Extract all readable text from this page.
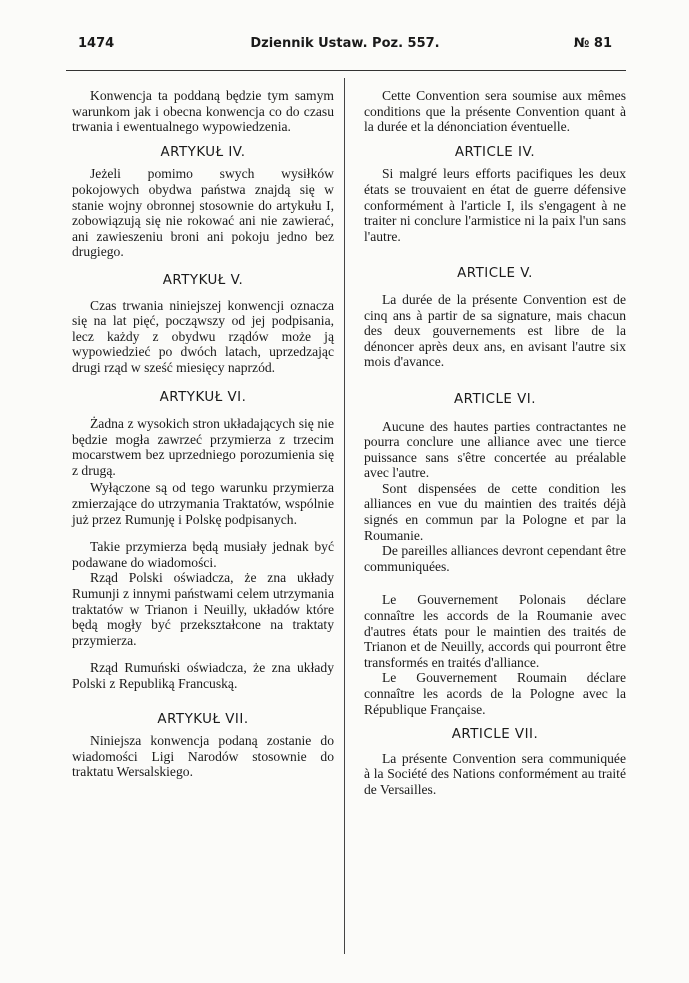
1474	Dziennik Ustaw. Poz. 557.	№ 81

Konwencja ta poddaną będzie tym samym warunkom jak i obecna konwencja co do czasu trwania i ewentualnego wypowiedzenia.

ARTYKUŁ IV.

Jeżeli pomimo swych wysiłków pokojowych obydwa państwa znajdą się w stanie wojny obronnej stosownie do artykułu I, zobowiązują się nie rokować ani nie zawierać, ani zawieszeniu broni ani pokoju jedno bez drugiego.

ARTYKUŁ V.

Czas trwania niniejszej konwencji oznacza się na lat pięć, począwszy od jej podpisania, lecz każdy z obydwu rządów może ją wypowiedzieć po dwóch latach, uprzedzając drugi rząd w sześć miesięcy naprzód.

ARTYKUŁ VI.

Żadna z wysokich stron układających się nie będzie mogła zawrzeć przymierza z trzecim mocarstwem bez uprzedniego porozumienia się z drugą.

Wyłączone są od tego warunku przymierza zmierzające do utrzymania Traktatów, wspólnie już przez Rumunję i Polskę podpisanych.

Takie przymierza będą musiały jednak być podawane do wiadomości.

Rząd Polski oświadcza, że zna układy Rumunji z innymi państwami celem utrzymania traktatów w Trianon i Neuilly, układów które będą mogły być przekształcone na traktaty przymierza.

Rząd Rumuński oświadcza, że zna układy Polski z Republiką Francuską.

ARTYKUŁ VII.

Niniejsza konwencja podaną zostanie do wiadomości Ligi Narodów stosownie do traktatu Wersalskiego.

Cette Convention sera soumise aux mêmes conditions que la présente Convention quant à la durée et la dénonciation éventuelle.

ARTICLE IV.

Si malgré leurs efforts pacifiques les deux états se trouvaient en état de guerre défensive conformément à l'article I, ils s'engagent à ne traiter ni conclure l'armistice ni la paix l'un sans l'autre.

ARTICLE V.

La durée de la présente Convention est de cinq ans à partir de sa signature, mais chacun des deux gouvernements est libre de la dénoncer après deux ans, en avisant l'autre six mois d'avance.

ARTICLE VI.

Aucune des hautes parties contractantes ne pourra conclure une alliance avec une tierce puissance sans s'être concertée au préalable avec l'autre.

Sont dispensées de cette condition les alliances en vue du maintien des traités déjà signés en commun par la Pologne et par la Roumanie.

De pareilles alliances devront cependant être communiquées.

Le Gouvernement Polonais déclare connaître les accords de la Roumanie avec d'autres états pour le maintien des traités de Trianon et de Neuilly, accords qui pourront être transformés en traités d'alliance.

Le Gouvernement Roumain déclare connaître les acords de la Pologne avec la République Française.

ARTICLE VII.

La présente Convention sera communiquée à la Société des Nations conformément au traité de Versailles.
